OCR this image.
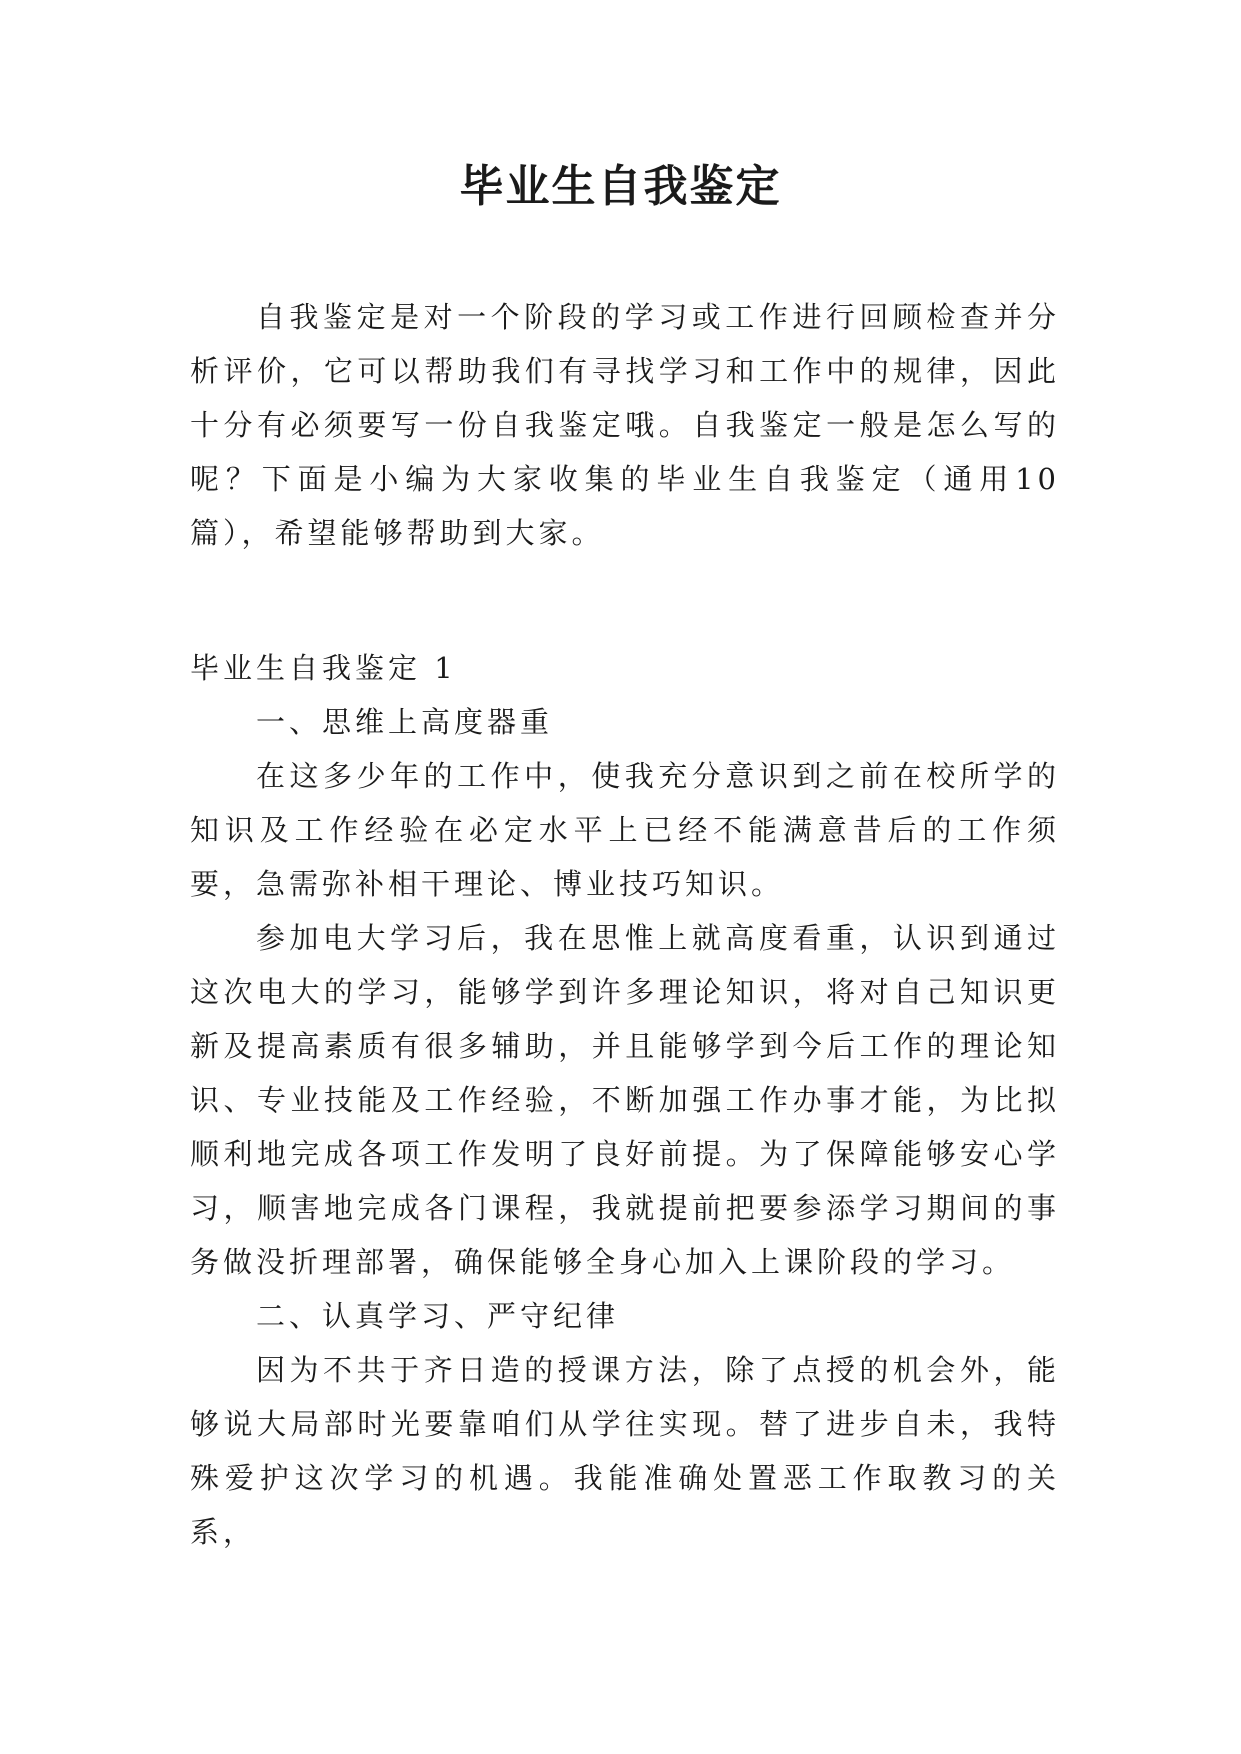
毕业生自我鉴定

自我鉴定是对一个阶段的学习或工作进行回顾检查并分析评价，它可以帮助我们有寻找学习和工作中的规律，因此十分有必须要写一份自我鉴定哦。自我鉴定一般是怎么写的呢？下面是小编为大家收集的毕业生自我鉴定（通用10篇），希望能够帮助到大家。

毕业生自我鉴定 1

一、思维上高度器重

在这多少年的工作中，使我充分意识到之前在校所学的知识及工作经验在必定水平上已经不能满意昔后的工作须要，急需弥补相干理论、博业技巧知识。

参加电大学习后，我在思惟上就高度看重，认识到通过这次电大的学习，能够学到许多理论知识，将对自己知识更新及提高素质有很多辅助，并且能够学到今后工作的理论知识、专业技能及工作经验，不断加强工作办事才能，为比拟顺利地完成各项工作发明了良好前提。为了保障能够安心学习，顺害地完成各门课程，我就提前把要参添学习期间的事务做没折理部署，确保能够全身心加入上课阶段的学习。

二、认真学习、严守纪律

因为不共于齐日造的授课方法，除了点授的机会外，能够说大局部时光要靠咱们从学往实现。替了进步自未，我特殊爱护这次学习的机遇。我能准确处置恶工作取教习的关系，
